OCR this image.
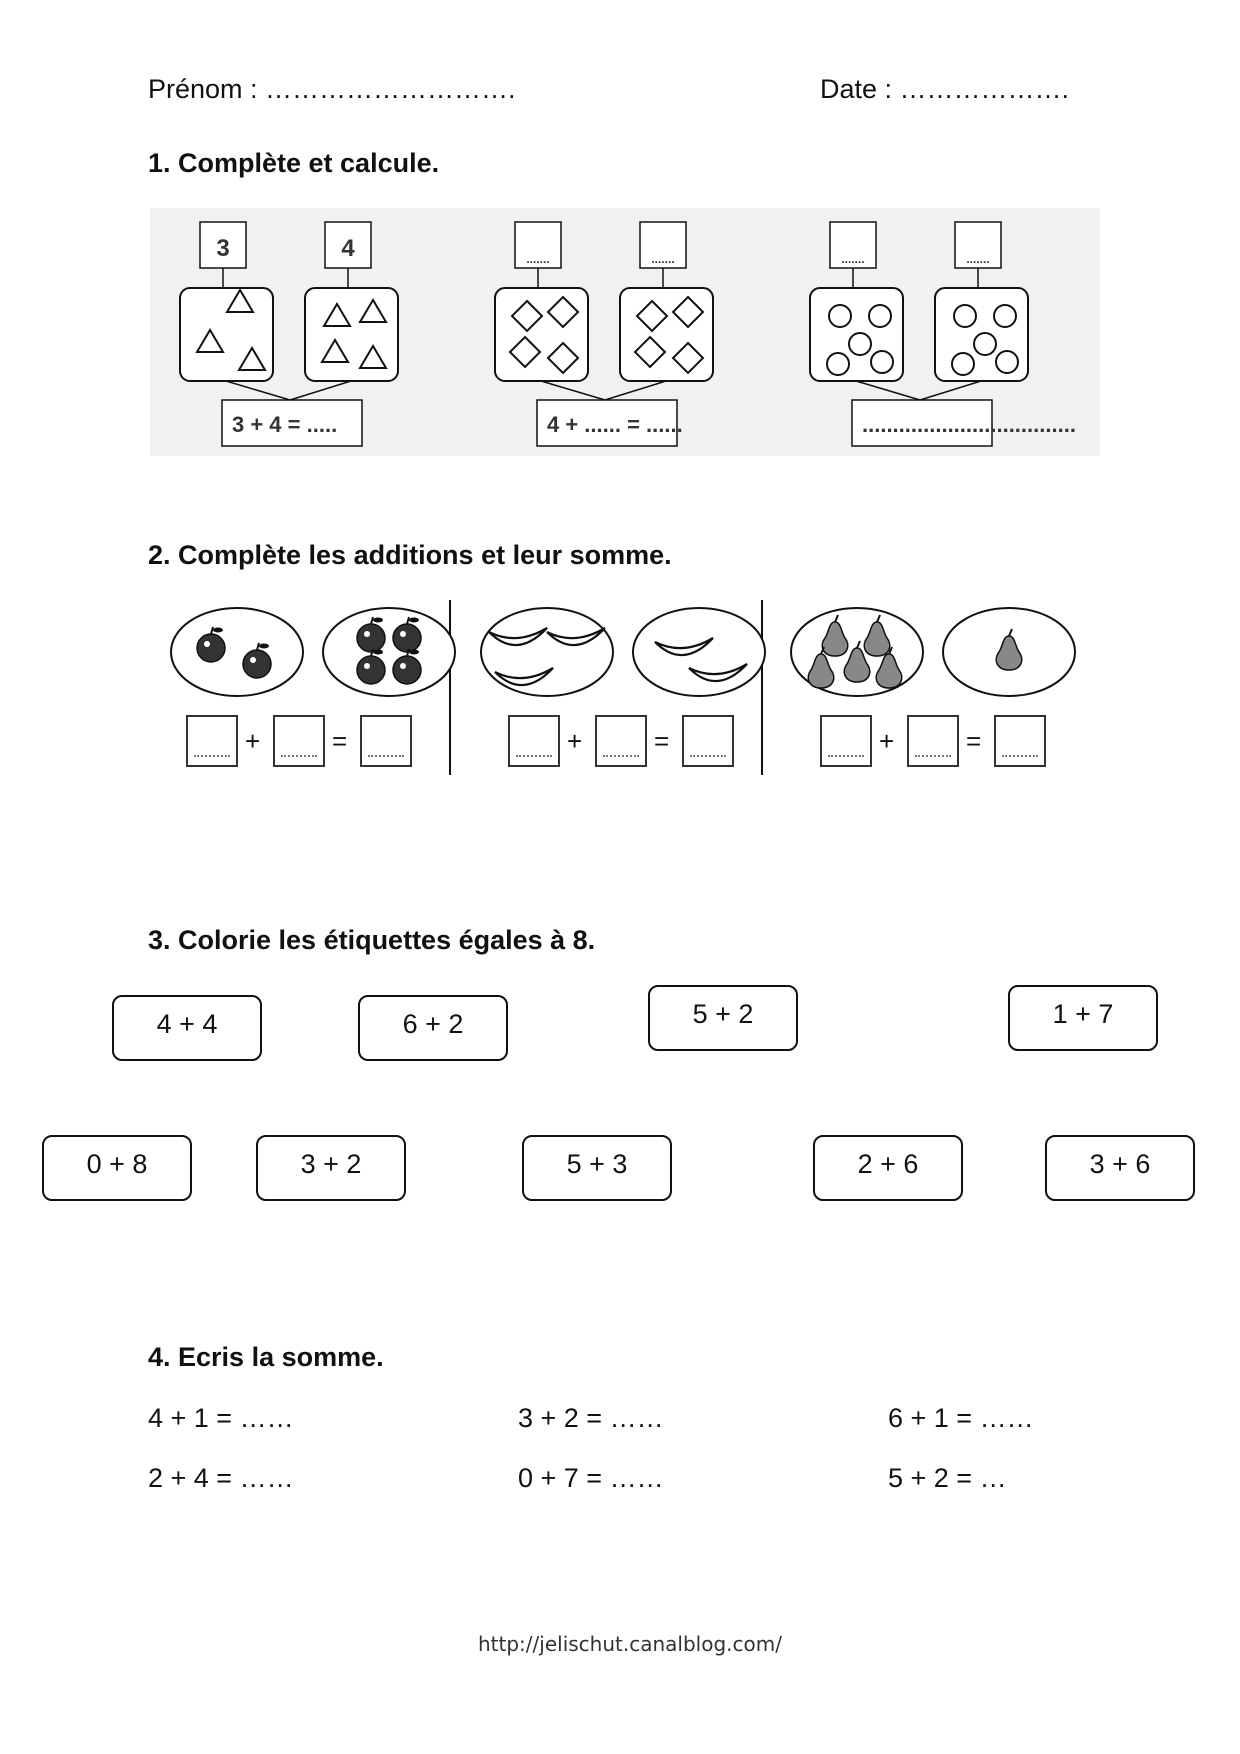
Prénom : ……………………….	Date : ……………….
1. Complète et calcule.
3	4
3 + 4 = .....
.......	.......
4 + ...... = ......
.......	.......
...................................
2. Complète les additions et leur somme.
+	=	+	=	+	=
3. Colorie les étiquettes égales à 8.
4 + 4	6 + 2	5 + 2	1 + 7
0 + 8	3 + 2	5 + 3	2 + 6	3 + 6
4. Ecris la somme.
4 + 1 = ……	3 + 2 = ……	6 + 1 = ……
2 + 4 = ……	0 + 7 = ……	5 + 2 = …
http://jelischut.canalblog.com/
